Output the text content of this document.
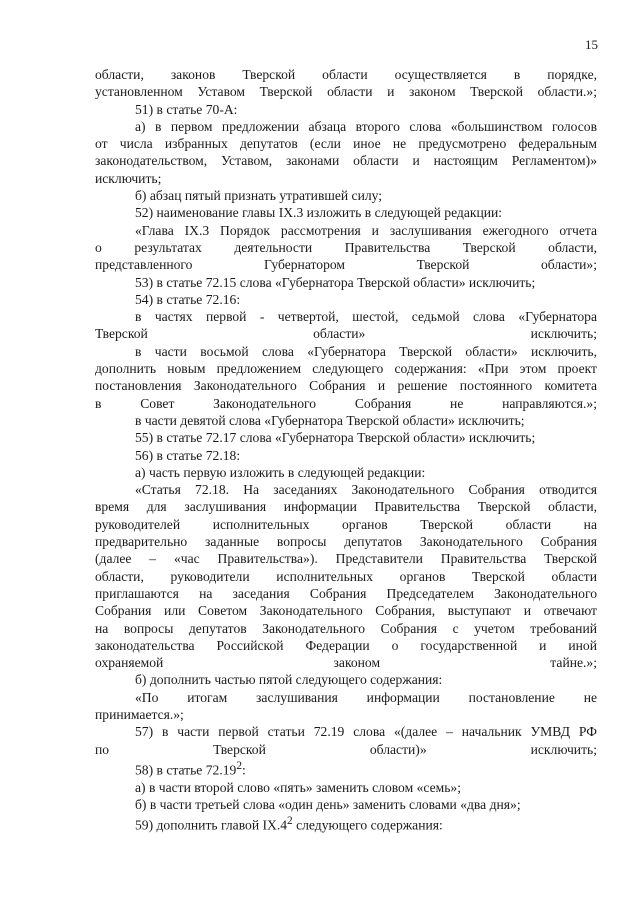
15

области, законов Тверской области осуществляется в порядке,
установленном Уставом Тверской области и законом Тверской области.»;

51) в статье 70-А:

а) в первом предложении абзаца второго слова «большинством голосов
от числа избранных депутатов (если иное не предусмотрено федеральным
законодательством, Уставом, законами области и настоящим Регламентом)»
исключить;

б) абзац пятый признать утратившей силу;

52) наименование главы IX.3 изложить в следующей редакции:

«Глава IX.3 Порядок рассмотрения и заслушивания ежегодного отчета
о результатах деятельности Правительства Тверской области,
представленного Губернатором Тверской области»;

53) в статье 72.15 слова «Губернатора Тверской области» исключить;

54) в статье 72.16:

в частях первой - четвертой, шестой, седьмой слова «Губернатора
Тверской области» исключить;

в части восьмой слова «Губернатора Тверской области» исключить,
дополнить новым предложением следующего содержания: «При этом проект
постановления Законодательного Собрания и решение постоянного комитета
в Совет Законодательного Собрания не направляются.»;

в части девятой слова «Губернатора Тверской области» исключить;

55) в статье 72.17 слова «Губернатора Тверской области» исключить;

56) в статье 72.18:

а) часть первую изложить в следующей редакции:

«Статья 72.18. На заседаниях Законодательного Собрания отводится
время для заслушивания информации Правительства Тверской области,
руководителей исполнительных органов Тверской области на
предварительно заданные вопросы депутатов Законодательного Собрания
(далее – «час Правительства»). Представители Правительства Тверской
области, руководители исполнительных органов Тверской области
приглашаются на заседания Собрания Председателем Законодательного
Собрания или Советом Законодательного Собрания, выступают и отвечают
на вопросы депутатов Законодательного Собрания с учетом требований
законодательства Российской Федерации о государственной и иной
охраняемой законом тайне.»;

б) дополнить частью пятой следующего содержания:

«По итогам заслушивания информации постановление не
принимается.»;

57) в части первой статьи 72.19 слова «(далее – начальник УМВД РФ
по Тверской области)» исключить;

58) в статье 72.19$^2$:

а) в части второй слово «пять» заменить словом «семь»;

б) в части третьей слова «один день» заменить словами «два дня»;

59) дополнить главой $IX.4^2$ следующего содержания:
